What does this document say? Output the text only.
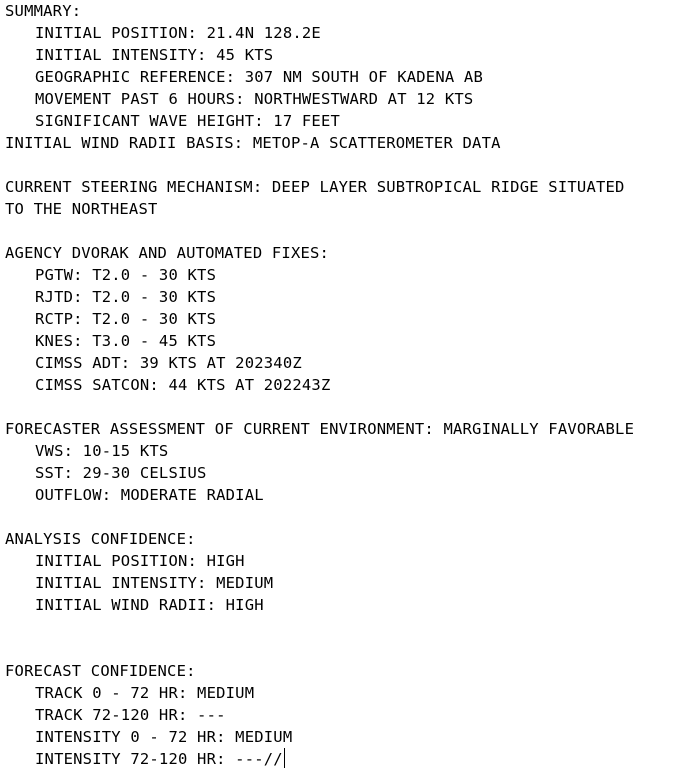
SUMMARY:
INITIAL POSITION: 21.4N 128.2E
INITIAL INTENSITY: 45 KTS
GEOGRAPHIC REFERENCE: 307 NM SOUTH OF KADENA AB
MOVEMENT PAST 6 HOURS: NORTHWESTWARD AT 12 KTS
SIGNIFICANT WAVE HEIGHT: 17 FEET
INITIAL WIND RADII BASIS: METOP-A SCATTEROMETER DATA
CURRENT STEERING MECHANISM: DEEP LAYER SUBTROPICAL RIDGE SITUATED
TO THE NORTHEAST
AGENCY DVORAK AND AUTOMATED FIXES:
PGTW: T2.0 - 30 KTS
RJTD: T2.0 - 30 KTS
RCTP: T2.0 - 30 KTS
KNES: T3.0 - 45 KTS
CIMSS ADT: 39 KTS AT 202340Z
CIMSS SATCON: 44 KTS AT 202243Z
FORECASTER ASSESSMENT OF CURRENT ENVIRONMENT: MARGINALLY FAVORABLE
VWS: 10-15 KTS
SST: 29-30 CELSIUS
OUTFLOW: MODERATE RADIAL
ANALYSIS CONFIDENCE:
INITIAL POSITION: HIGH
INITIAL INTENSITY: MEDIUM
INITIAL WIND RADII: HIGH
FORECAST CONFIDENCE:
TRACK 0 - 72 HR: MEDIUM
TRACK 72-120 HR: ---
INTENSITY 0 - 72 HR: MEDIUM
INTENSITY 72-120 HR: ---//
